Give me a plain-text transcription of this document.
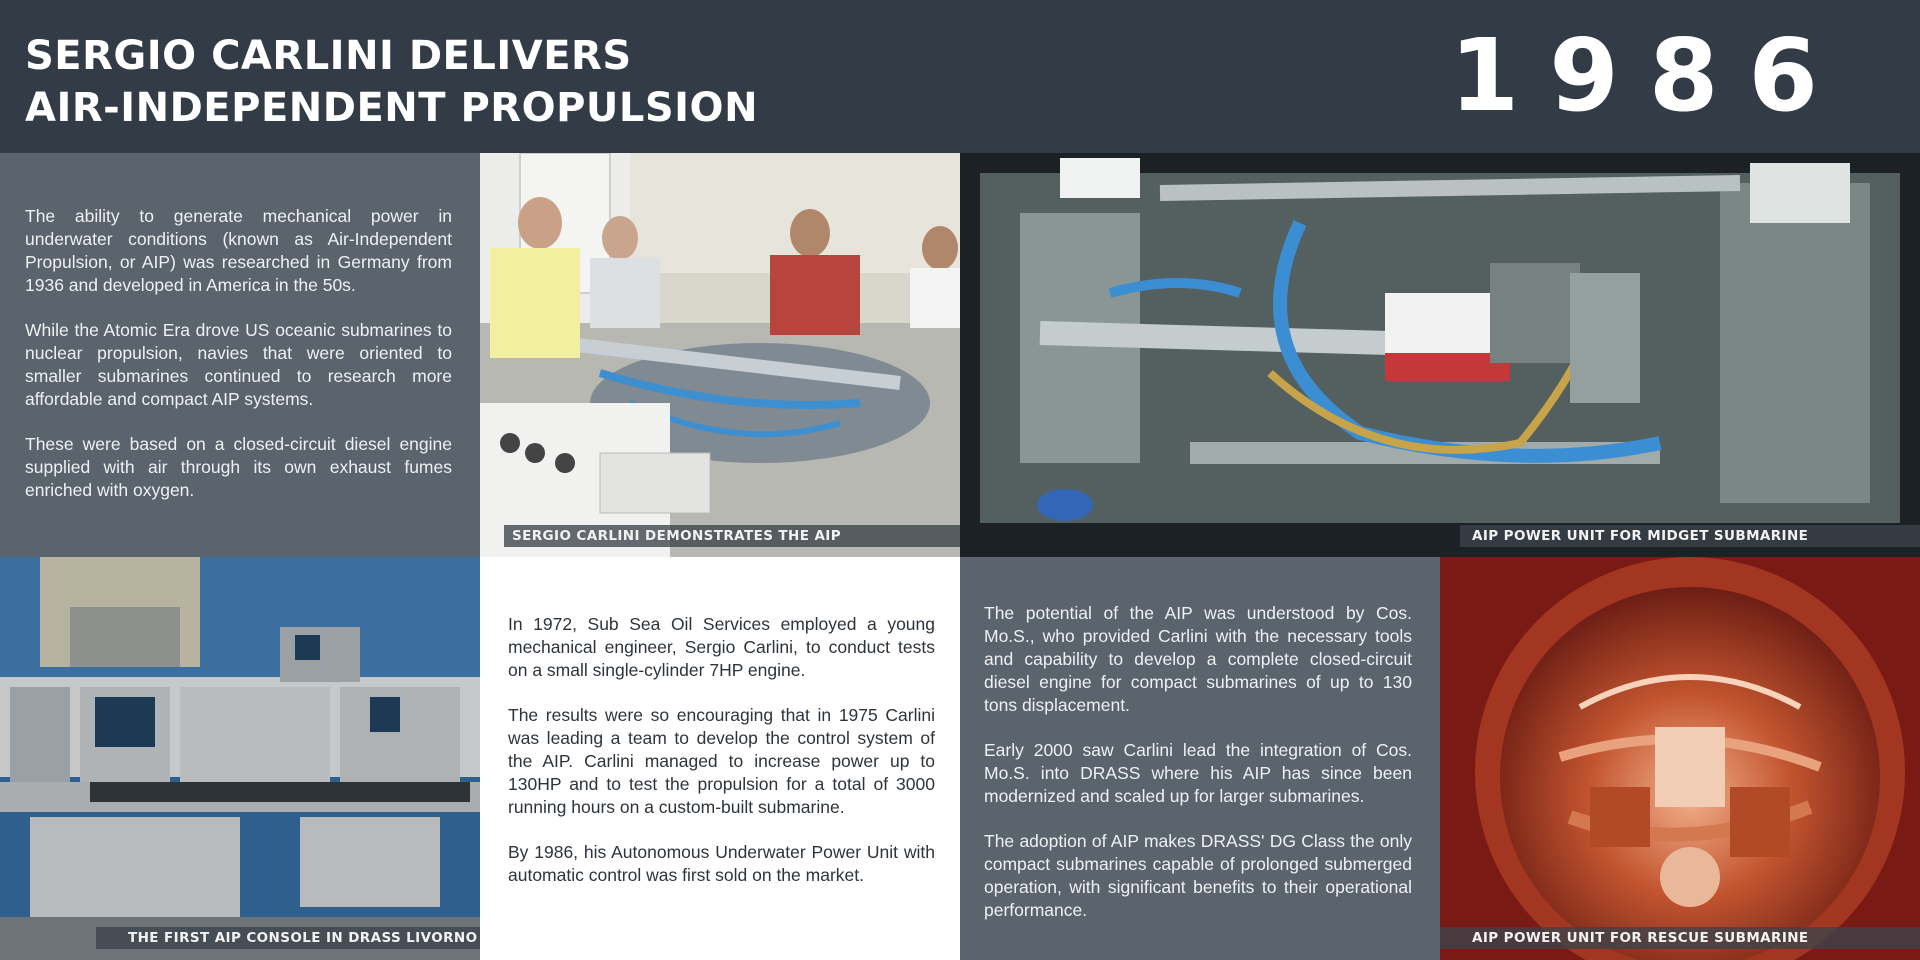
SERGIO CARLINI DELIVERS
AIR-INDEPENDENT PROPULSION	1986

The ability to generate mechanical power in underwater conditions (known as Air-Independent Propulsion, or AIP) was researched in Germany from 1936 and developed in America in the 50s.

While the Atomic Era drove US oceanic submarines to nuclear propulsion, navies that were oriented to smaller submarines continued to research more affordable and compact AIP systems.

These were based on a closed-circuit diesel engine supplied with air through its own exhaust fumes enriched with oxygen.

SERGIO CARLINI DEMONSTRATES THE AIP	AIP POWER UNIT FOR MIDGET SUBMARINE
THE FIRST AIP CONSOLE IN DRASS LIVORNO

In 1972, Sub Sea Oil Services employed a young mechanical engineer, Sergio Carlini, to conduct tests on a small single-cylinder 7HP engine.

The results were so encouraging that in 1975 Carlini was leading a team to develop the control system of the AIP. Carlini managed to increase power up to 130HP and to test the propulsion for a total of 3000 running hours on a custom-built submarine.

By 1986, his Autonomous Underwater Power Unit with automatic control was first sold on the market.

The potential of the AIP was understood by Cos. Mo.S., who provided Carlini with the necessary tools and capability to develop a complete closed-circuit diesel engine for compact submarines of up to 130 tons displacement.

Early 2000 saw Carlini lead the integration of Cos. Mo.S. into DRASS where his AIP has since been modernized and scaled up for larger submarines.

The adoption of AIP makes DRASS' DG Class the only compact submarines capable of prolonged submerged operation, with significant benefits to their operational performance.

AIP POWER UNIT FOR RESCUE SUBMARINE
